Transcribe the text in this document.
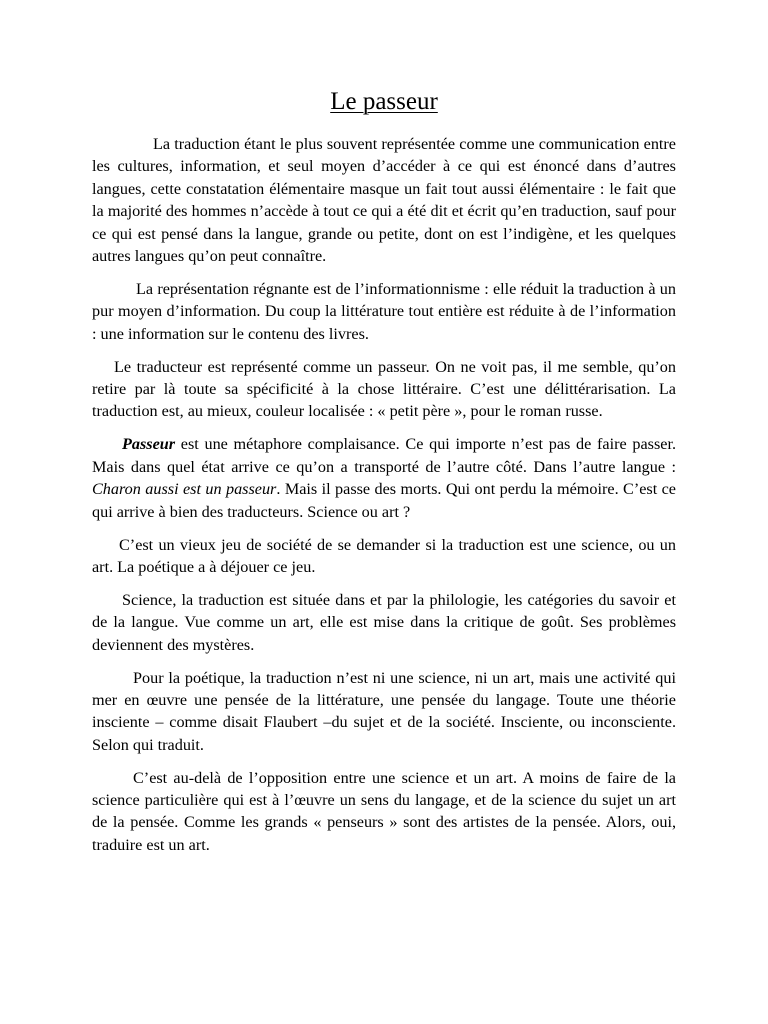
Le passeur

La traduction étant le plus souvent représentée comme une communication entre les cultures, information, et seul moyen d’accéder à ce qui est énoncé dans d’autres langues, cette constatation élémentaire masque un fait tout aussi élémentaire : le fait que la majorité des hommes n’accède à tout ce qui a été dit et écrit qu’en traduction, sauf pour ce qui est pensé dans la langue, grande ou petite, dont on est l’indigène, et les quelques autres langues qu’on peut connaître.

La représentation régnante est de l’informationnisme : elle réduit la traduction à un pur moyen d’information. Du coup la littérature tout entière est réduite à de l’information : une information sur le contenu des livres.

Le traducteur est représenté comme un passeur. On ne voit pas, il me semble, qu’on retire par là toute sa spécificité à la chose littéraire. C’est une délittérarisation. La traduction est, au mieux, couleur localisée : « petit père », pour le roman russe.

Passeur est une métaphore complaisance. Ce qui importe n’est pas de faire passer. Mais dans quel état arrive ce qu’on a transporté de l’autre côté. Dans l’autre langue : Charon aussi est un passeur. Mais il passe des morts. Qui ont perdu la mémoire. C’est ce qui arrive à bien des traducteurs. Science ou art ?

C’est un vieux jeu de société de se demander si la traduction est une science, ou un art. La poétique a à déjouer ce jeu.

Science, la traduction est située dans et par la philologie, les catégories du savoir et de la langue. Vue comme un art, elle est mise dans la critique de goût. Ses problèmes deviennent des mystères.

Pour la poétique, la traduction n’est ni une science, ni un art, mais une activité qui mer en œuvre une pensée de la littérature, une pensée du langage. Toute une théorie insciente – comme disait Flaubert –du sujet et de la société. Insciente, ou inconsciente. Selon qui traduit.

C’est au-delà de l’opposition entre une science et un art. A moins de faire de la science particulière qui est à l’œuvre un sens du langage, et de la science du sujet un art de la pensée. Comme les grands « penseurs » sont des artistes de la pensée. Alors, oui, traduire est un art.
